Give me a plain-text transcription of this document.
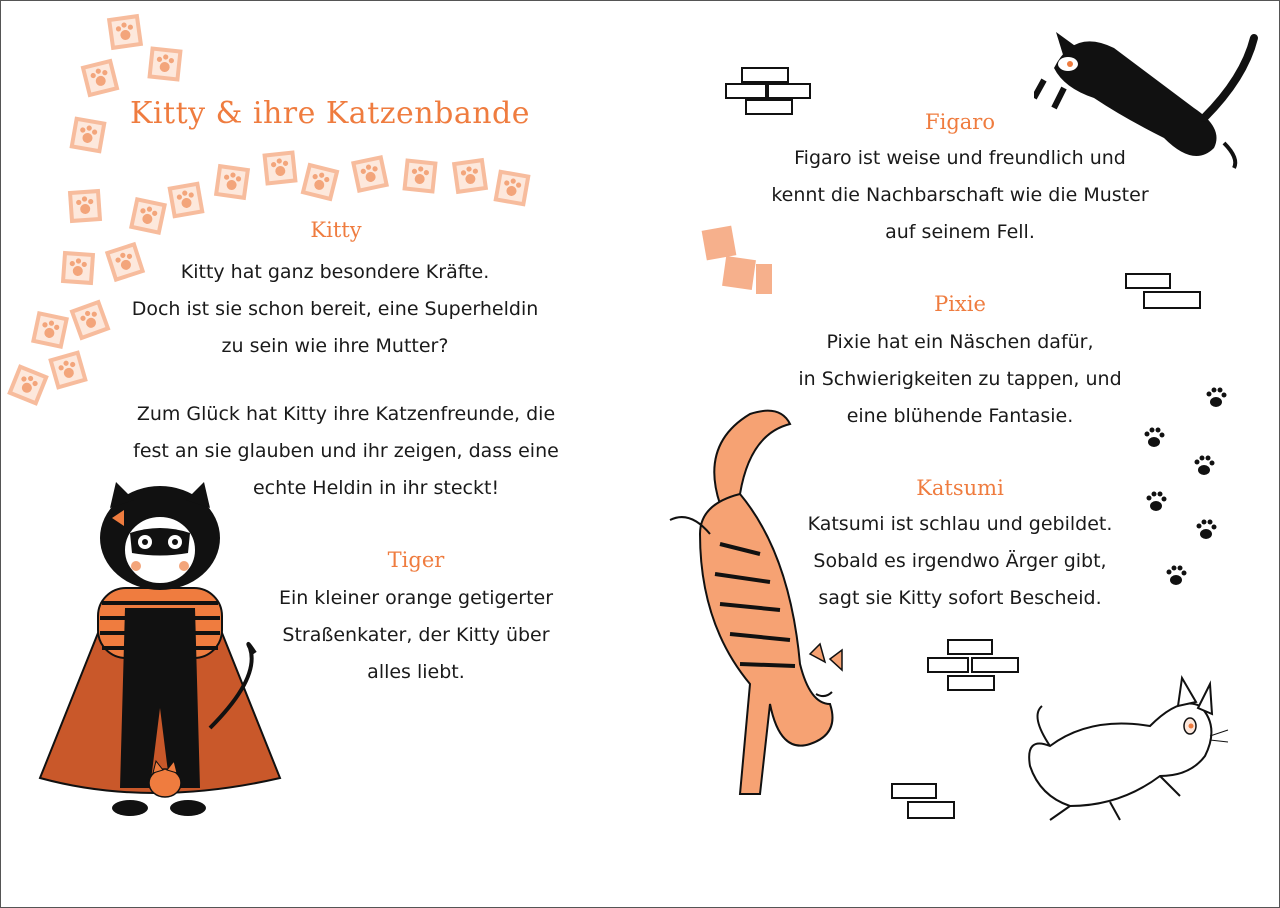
Kitty & ihre Katzenbande
Kitty
Kitty hat ganz besondere Kräfte.
Doch ist sie schon bereit, eine Superheldin
zu sein wie ihre Mutter?
Zum Glück hat Kitty ihre Katzenfreunde, die
fest an sie glauben und ihr zeigen, dass eine
echte Heldin in ihr steckt!
Tiger
Ein kleiner orange getigerter
Straßenkater, der Kitty über
alles liebt.
Figaro
Figaro ist weise und freundlich und
kennt die Nachbarschaft wie die Muster
auf seinem Fell.
Pixie
Pixie hat ein Näschen dafür,
in Schwierigkeiten zu tappen, und
eine blühende Fantasie.
Katsumi
Katsumi ist schlau und gebildet.
Sobald es irgendwo Ärger gibt,
sagt sie Kitty sofort Bescheid.
